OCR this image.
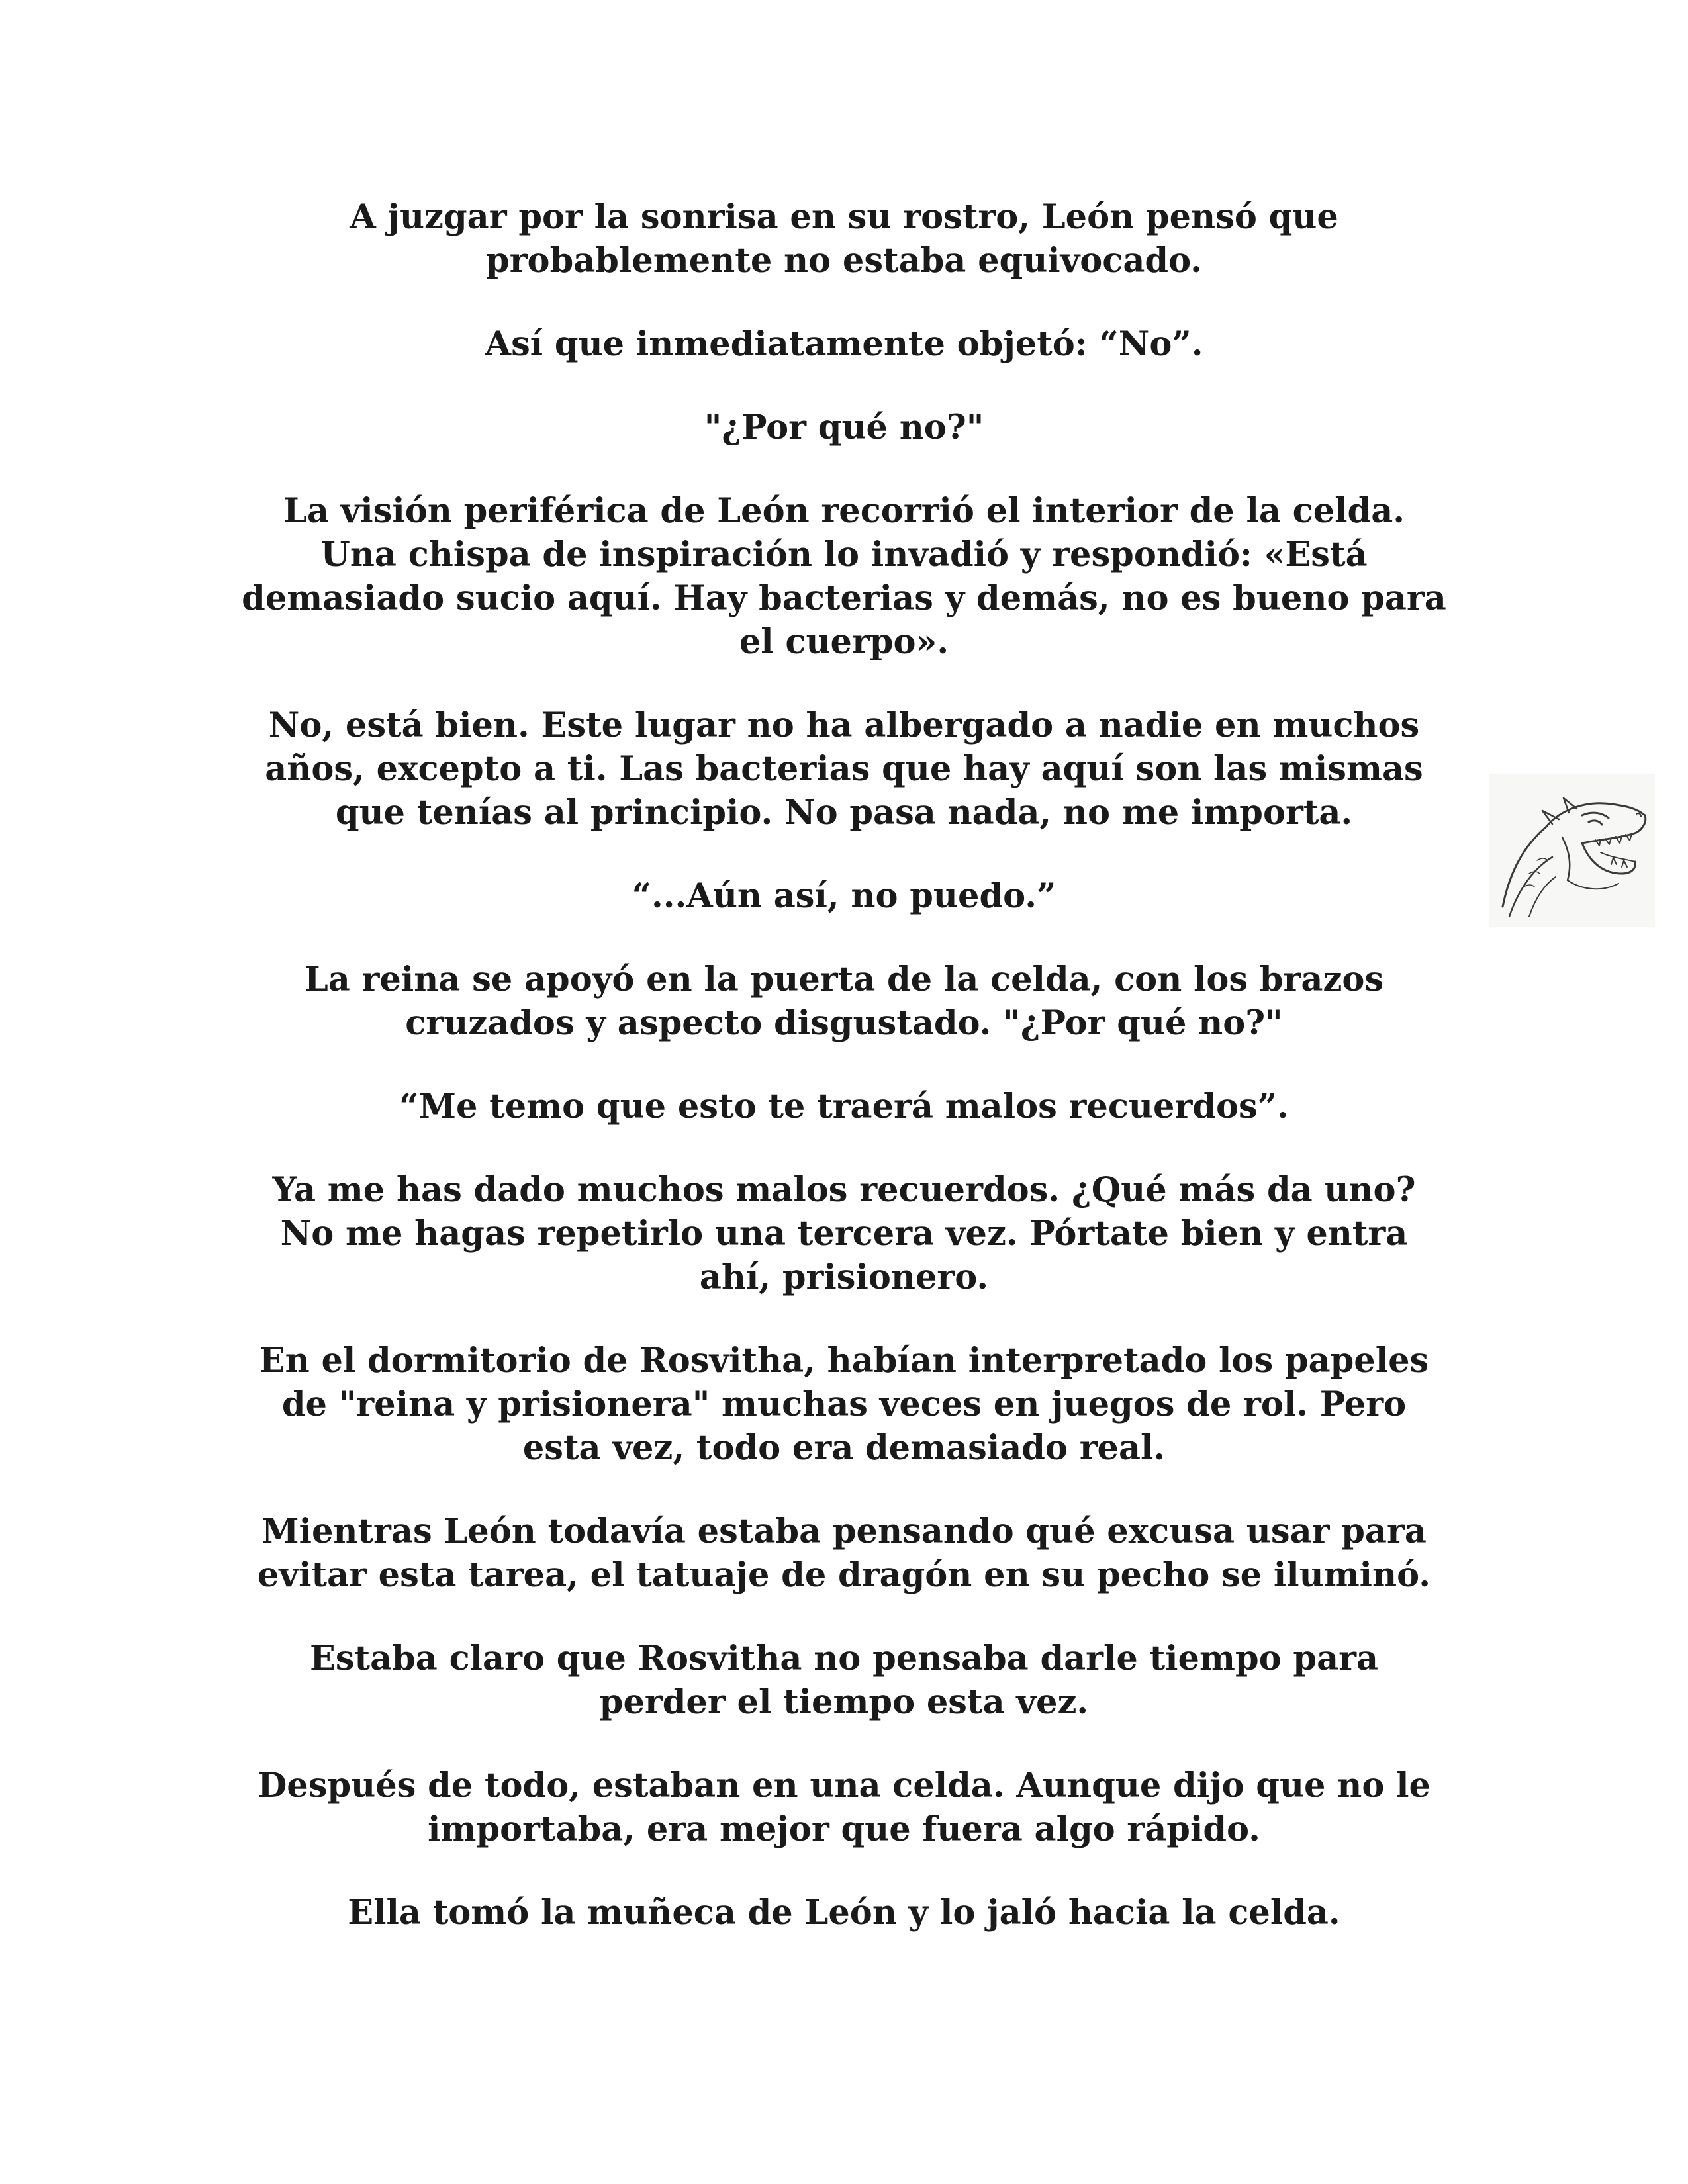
A juzgar por la sonrisa en su rostro, León pensó que
probablemente no estaba equivocado.

Así que inmediatamente objetó: “No”.

"¿Por qué no?"

La visión periférica de León recorrió el interior de la celda.
Una chispa de inspiración lo invadió y respondió: «Está
demasiado sucio aquí. Hay bacterias y demás, no es bueno para
el cuerpo».

No, está bien. Este lugar no ha albergado a nadie en muchos
años, excepto a ti. Las bacterias que hay aquí son las mismas
que tenías al principio. No pasa nada, no me importa.

“...Aún así, no puedo.”

La reina se apoyó en la puerta de la celda, con los brazos
cruzados y aspecto disgustado. "¿Por qué no?"

“Me temo que esto te traerá malos recuerdos”.

Ya me has dado muchos malos recuerdos. ¿Qué más da uno?
No me hagas repetirlo una tercera vez. Pórtate bien y entra
ahí, prisionero.

En el dormitorio de Rosvitha, habían interpretado los papeles
de "reina y prisionera" muchas veces en juegos de rol. Pero
esta vez, todo era demasiado real.

Mientras León todavía estaba pensando qué excusa usar para
evitar esta tarea, el tatuaje de dragón en su pecho se iluminó.

Estaba claro que Rosvitha no pensaba darle tiempo para
perder el tiempo esta vez.

Después de todo, estaban en una celda. Aunque dijo que no le
importaba, era mejor que fuera algo rápido.

Ella tomó la muñeca de León y lo jaló hacia la celda.
